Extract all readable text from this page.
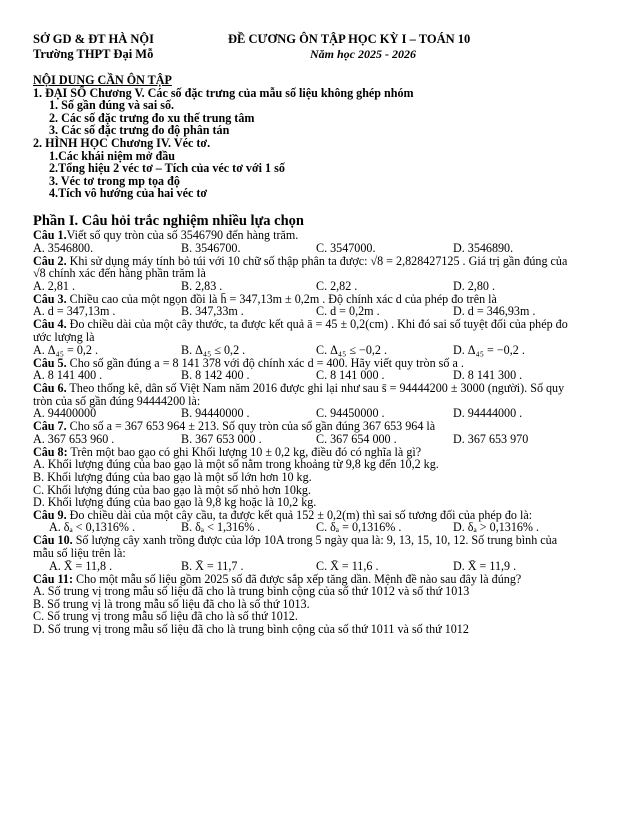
SỞ GD & ĐT HÀ NỘI
Trường THPT Đại Mỗ
ĐỀ CƯƠNG ÔN TẬP HỌC KỲ I – TOÁN 10
Năm học 2025 - 2026

NỘI DUNG CẦN ÔN TẬP

1. ĐẠI SỐ Chương V. Các số đặc trưng của mẫu số liệu không ghép nhóm

1. Số gần đúng và sai số.

2. Các số đặc trưng đo xu thế trung tâm

3. Các số đặc trưng đo độ phân tán

2. HÌNH HỌC Chương IV. Véc tơ.

1.Các khái niệm mở đầu

2.Tổng hiệu 2 véc tơ – Tích của véc tơ với 1 số

3. Véc tơ trong mp tọa độ

4.Tích vô hướng của hai véc tơ

Phần I. Câu hỏi trắc nghiệm nhiều lựa chọn

Câu 1.Viết số quy tròn của số 3546790 đến hàng trăm.

A. 3546800.	B. 3546700.	C. 3547000.	D. 3546890.

Câu 2. Khi sử dụng máy tính bỏ túi với 10 chữ số thập phân ta được: √8 = 2,828427125 . Giá trị gần đúng của

√8 chính xác đến hàng phần trăm là

A. 2,81 .	B. 2,83 .	C. 2,82 .	D. 2,80 .

Câu 3. Chiều cao của một ngọn đồi là h̄ = 347,13m ± 0,2m . Độ chính xác d của phép đo trên là

A. d = 347,13m .	B. 347,33m .	C. d = 0,2m .	D. d = 346,93m .

Câu 4. Đo chiều dài của một cây thước, ta được kết quả ā = 45 ± 0,2(cm) . Khi đó sai số tuyệt đối của phép đo

ước lượng là

A. Δ₄₅ = 0,2 .	B. Δ₄₅ ≤ 0,2 .	C. Δ₄₅ ≤ −0,2 .	D. Δ₄₅ = −0,2 .

Câu 5. Cho số gần đúng a = 8 141 378 với độ chính xác d = 400. Hãy viết quy tròn số a .

A. 8 141 400 .	B. 8 142 400 .	C. 8 141 000 .	D. 8 141 300 .

Câu 6. Theo thống kê, dân số Việt Nam năm 2016 được ghi lại như sau s̄ = 94444200 ± 3000 (người). Số quy

tròn của số gần đúng 94444200 là:

A. 94400000	B. 94440000 .	C. 94450000 .	D. 94444000 .

Câu 7. Cho số a = 367 653 964 ± 213. Số quy tròn của số gần đúng 367 653 964 là

A. 367 653 960 .	B. 367 653 000 .	C. 367 654 000 .	D. 367 653 970

Câu 8: Trên một bao gạo có ghi Khối lượng 10 ± 0,2 kg, điều đó có nghĩa là gì?

A. Khối lượng đúng của bao gạo là một số nằm trong khoảng từ 9,8 kg đến 10,2 kg.

B. Khối lượng đúng của bao gạo là một số lớn hơn 10 kg.

C. Khối lượng đúng của bao gạo là một số nhỏ hơn 10kg.

D. Khối lượng đúng của bao gạo là 9,8 kg hoặc là 10,2 kg.

Câu 9. Đo chiều dài của một cây cầu, ta được kết quả 152 ± 0,2(m) thì sai số tương đối của phép đo là:

A. δₐ < 0,1316% .	B. δₐ < 1,316% .	C. δₐ = 0,1316% .	D. δₐ > 0,1316% .

Câu 10. Số lượng cây xanh trồng được của lớp 10A trong 5 ngày qua là: 9, 13, 15, 10, 12. Số trung bình của

mẫu số liệu trên là:

A. X̄ = 11,8 .	B. X̄ = 11,7 .	C. X̄ = 11,6 .	D. X̄ = 11,9 .

Câu 11: Cho một mẫu số liệu gồm 2025 số đã được sắp xếp tăng dần. Mệnh đề nào sau đây là đúng?

A. Số trung vị trong mẫu số liệu đã cho là trung bình cộng của số thứ 1012 và số thứ 1013

B. Số trung vị là trong mẫu số liệu đã cho là số thứ 1013.

C. Số trung vị trong mẫu số liệu đã cho là số thứ 1012.

D. Số trung vị trong mẫu số liệu đã cho là trung bình cộng của số thứ 1011 và số thứ 1012
